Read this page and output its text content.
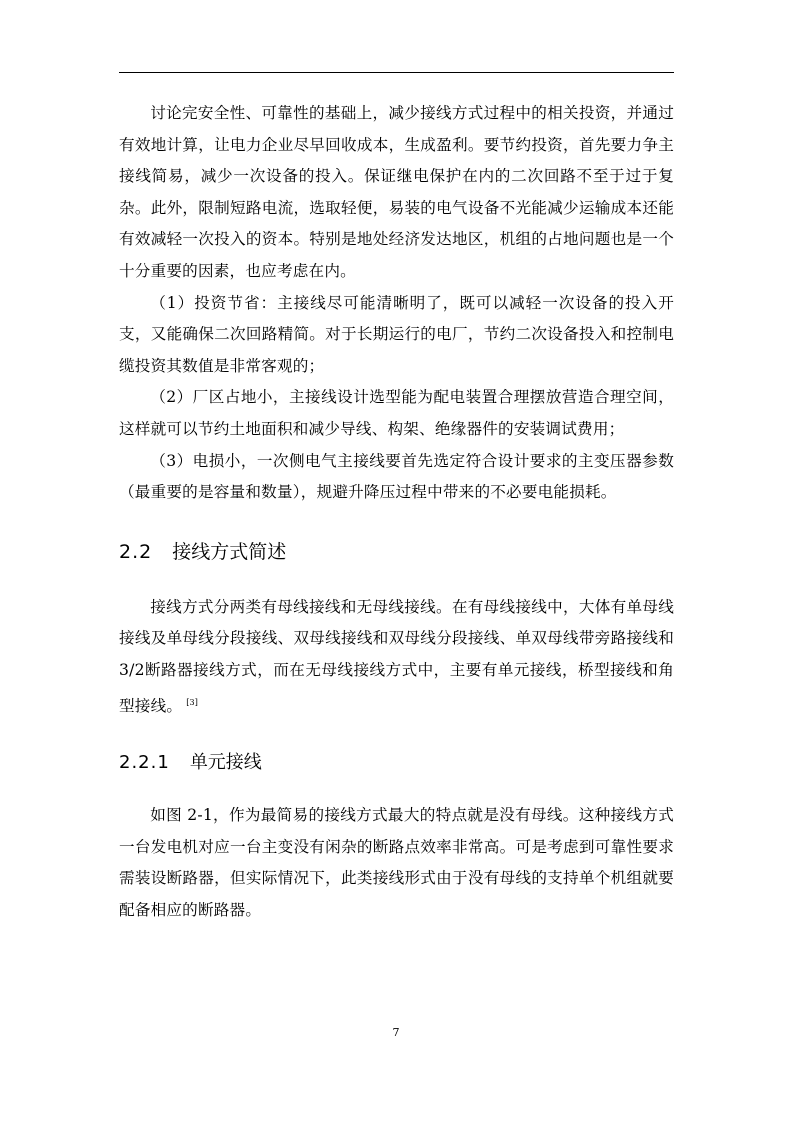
讨论完安全性、可靠性的基础上，减少接线方式过程中的相关投资，并通过有效地计算，让电力企业尽早回收成本，生成盈利。要节约投资，首先要力争主接线简易，减少一次设备的投入。保证继电保护在内的二次回路不至于过于复杂。此外，限制短路电流，选取轻便，易装的电气设备不光能减少运输成本还能有效减轻一次投入的资本。特别是地处经济发达地区，机组的占地问题也是一个十分重要的因素，也应考虑在内。

（1）投资节省：主接线尽可能清晰明了，既可以减轻一次设备的投入开支，又能确保二次回路精简。对于长期运行的电厂，节约二次设备投入和控制电缆投资其数值是非常客观的；

（2）厂区占地小，主接线设计选型能为配电装置合理摆放营造合理空间，这样就可以节约土地面积和减少导线、构架、绝缘器件的安装调试费用；

（3）电损小，一次侧电气主接线要首先选定符合设计要求的主变压器参数（最重要的是容量和数量），规避升降压过程中带来的不必要电能损耗。

2.2 接线方式简述

接线方式分两类有母线接线和无母线接线。在有母线接线中，大体有单母线接线及单母线分段接线、双母线接线和双母线分段接线、单双母线带旁路接线和3/2断路器接线方式，而在无母线接线方式中，主要有单元接线，桥型接线和角型接线。 [3]

2.2.1 单元接线

如图 2-1，作为最简易的接线方式最大的特点就是没有母线。这种接线方式一台发电机对应一台主变没有闲杂的断路点效率非常高。可是考虑到可靠性要求需装设断路器，但实际情况下，此类接线形式由于没有母线的支持单个机组就要配备相应的断路器。

7
